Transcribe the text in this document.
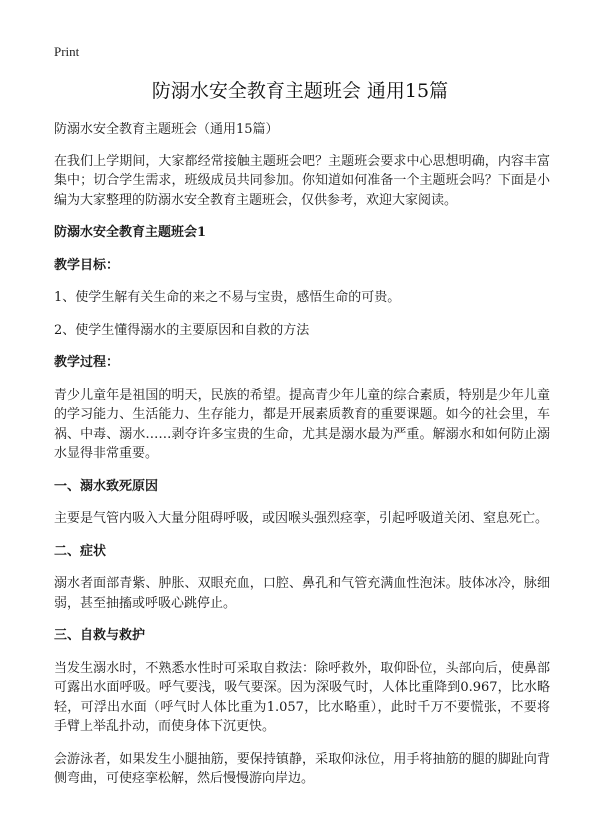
Print
防溺水安全教育主题班会 通用15篇

防溺水安全教育主题班会（通用15篇）

在我们上学期间，大家都经常接触主题班会吧？主题班会要求中心思想明确，内容丰富集中；切合学生需求，班级成员共同参加。你知道如何准备一个主题班会吗？下面是小编为大家整理的防溺水安全教育主题班会，仅供参考，欢迎大家阅读。

防溺水安全教育主题班会1

教学目标：

1、使学生解有关生命的来之不易与宝贵，感悟生命的可贵。

2、使学生懂得溺水的主要原因和自救的方法

教学过程：

青少儿童年是祖国的明天，民族的希望。提高青少年儿童的综合素质，特别是少年儿童的学习能力、生活能力、生存能力，都是开展素质教育的重要课题。如今的社会里，车祸、中毒、溺水……剥夺许多宝贵的生命，尤其是溺水最为严重。解溺水和如何防止溺水显得非常重要。

一、溺水致死原因

主要是气管内吸入大量分阻碍呼吸，或因喉头强烈痉挛，引起呼吸道关闭、窒息死亡。

二、症状

溺水者面部青紫、肿胀、双眼充血，口腔、鼻孔和气管充满血性泡沫。肢体冰冷，脉细弱，甚至抽搐或呼吸心跳停止。

三、自救与救护

当发生溺水时，不熟悉水性时可采取自救法：除呼救外，取仰卧位，头部向后，使鼻部可露出水面呼吸。呼气要浅，吸气要深。因为深吸气时，人体比重降到0.967，比水略轻，可浮出水面（呼气时人体比重为1.057，比水略重），此时千万不要慌张，不要将手臂上举乱扑动，而使身体下沉更快。

会游泳者，如果发生小腿抽筋，要保持镇静，采取仰泳位，用手将抽筋的腿的脚趾向背侧弯曲，可使痉挛松解，然后慢慢游向岸边。
